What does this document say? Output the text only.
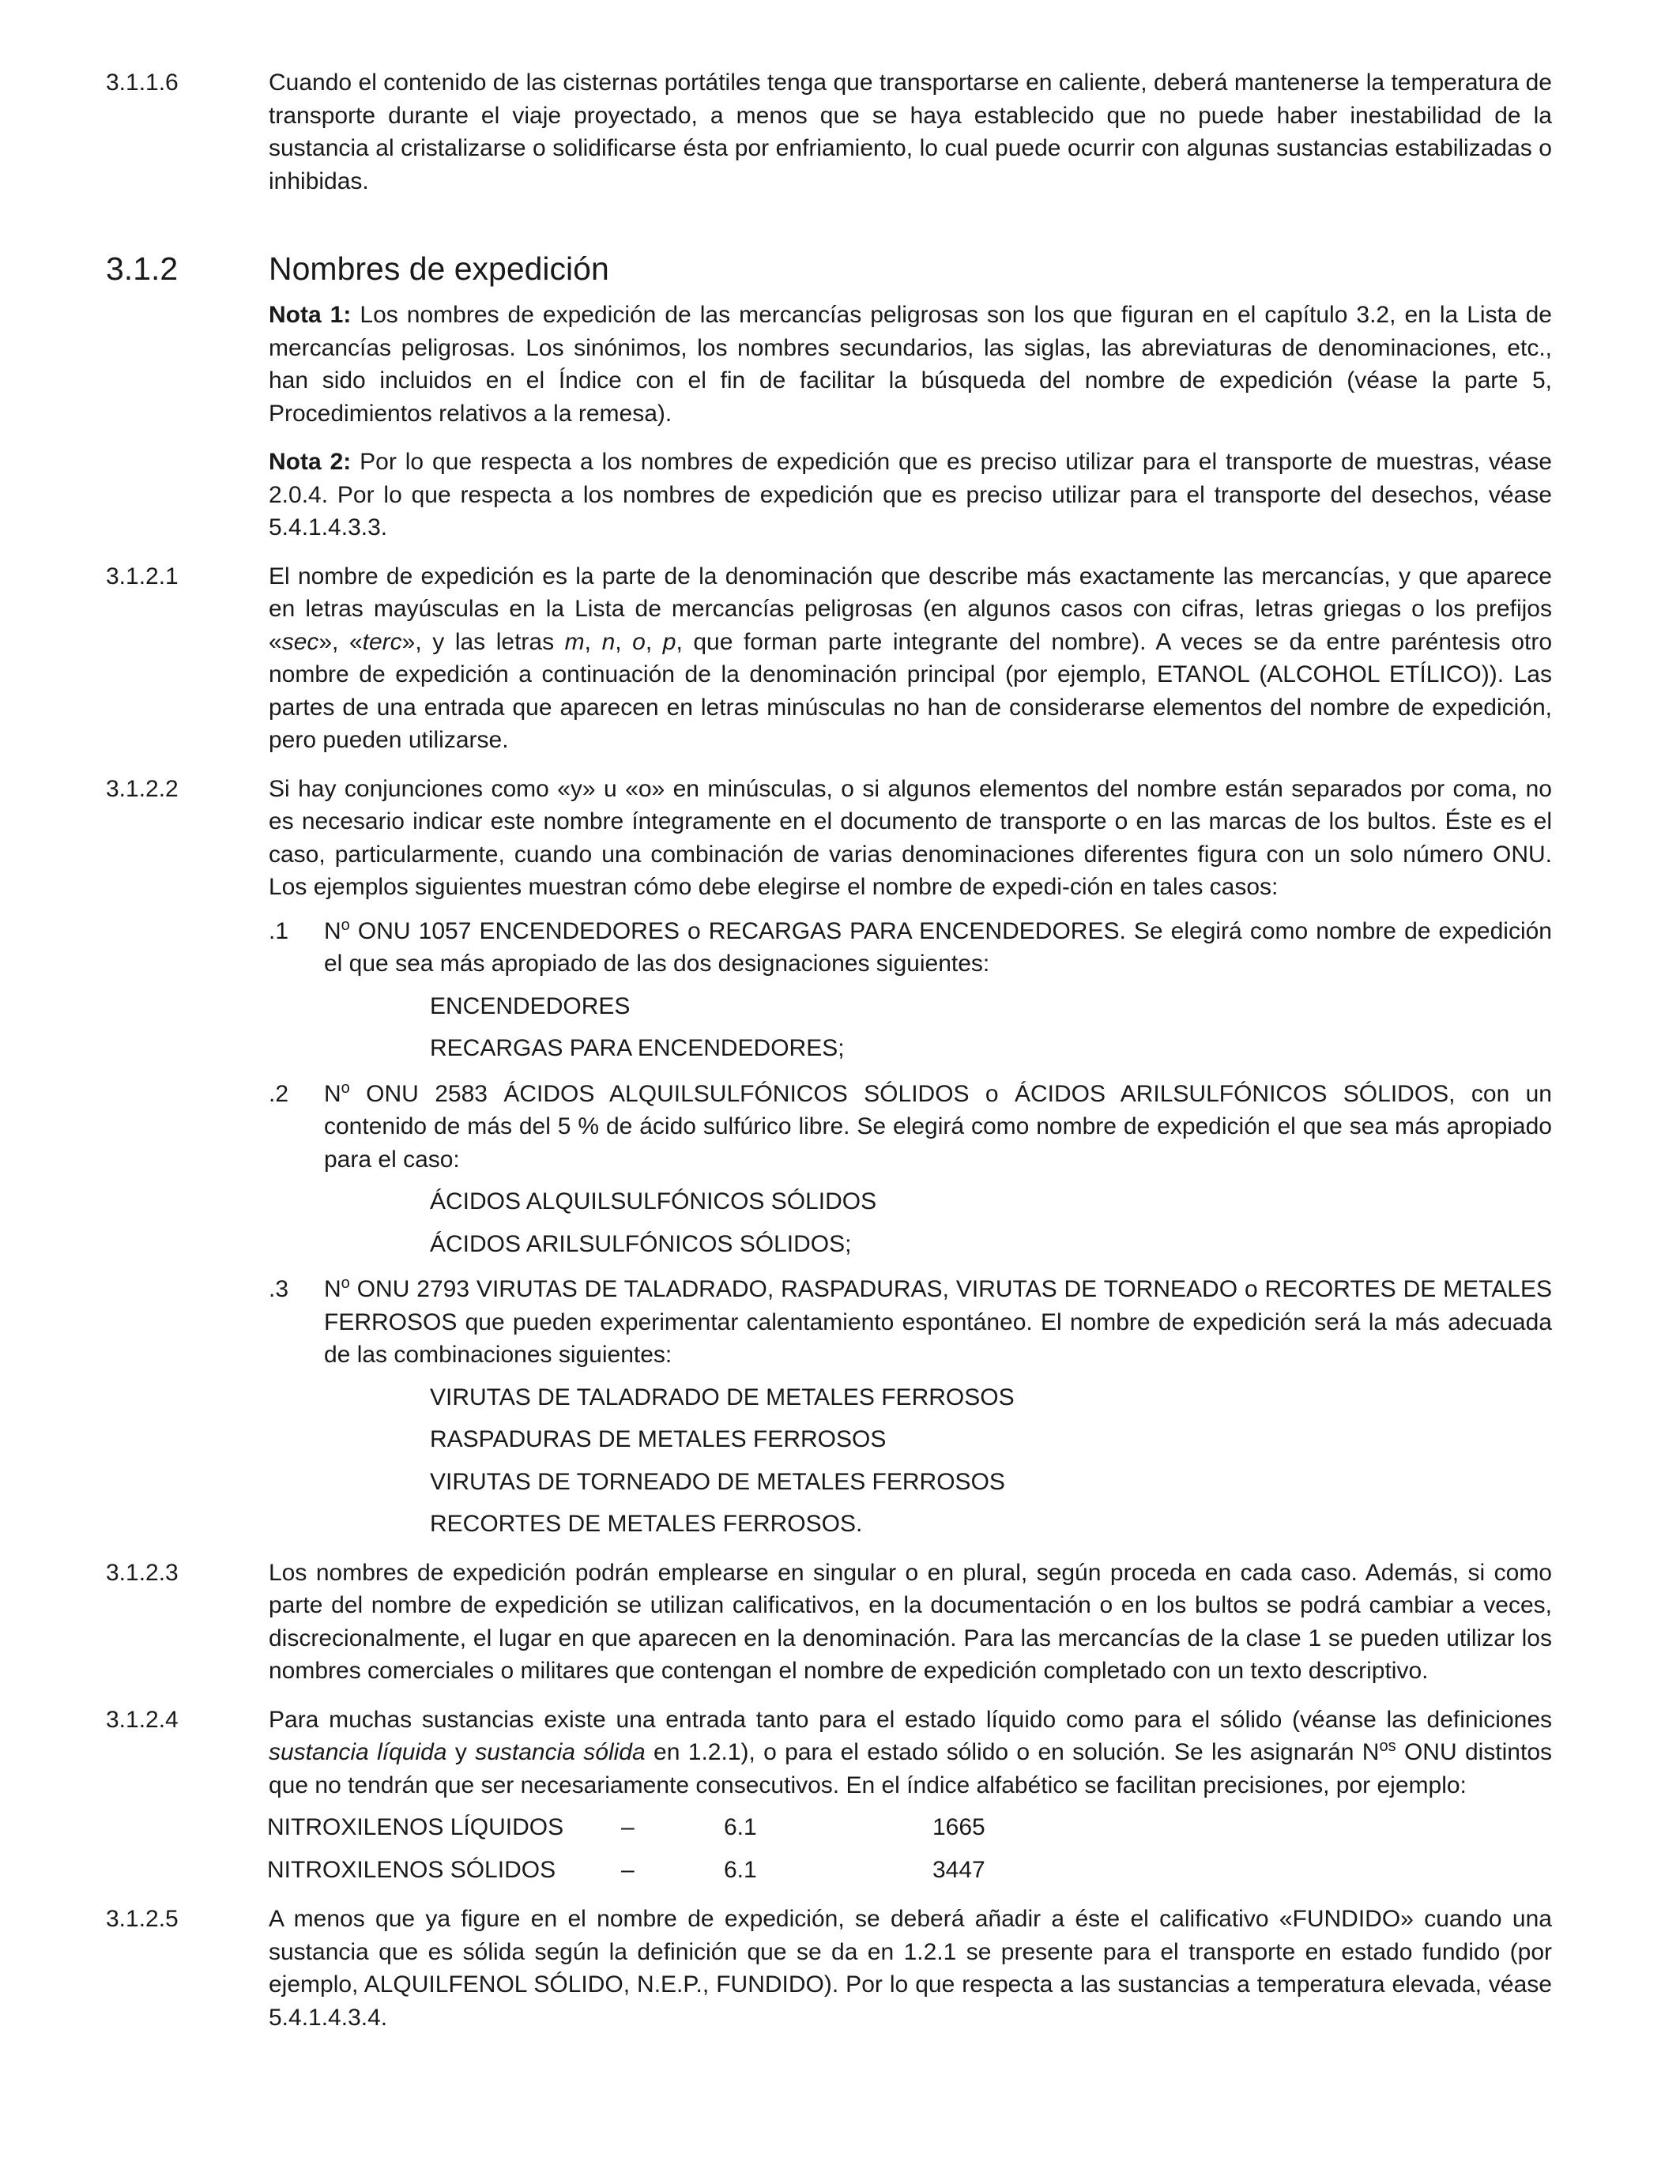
3.1.1.6	Cuando el contenido de las cisternas portátiles tenga que transportarse en caliente, deberá mantenerse la temperatura de transporte durante el viaje proyectado, a menos que se haya establecido que no puede haber inestabilidad de la sustancia al cristalizarse o solidificarse ésta por enfriamiento, lo cual puede ocurrir con algunas sustancias estabilizadas o inhibidas.
3.1.2	Nombres de expedición

Nota 1: Los nombres de expedición de las mercancías peligrosas son los que figuran en el capítulo 3.2, en la Lista de mercancías peligrosas. Los sinónimos, los nombres secundarios, las siglas, las abreviaturas de denominaciones, etc., han sido incluidos en el Índice con el fin de facilitar la búsqueda del nombre de expedición (véase la parte 5, Procedimientos relativos a la remesa).

Nota 2: Por lo que respecta a los nombres de expedición que es preciso utilizar para el transporte de muestras, véase 2.0.4. Por lo que respecta a los nombres de expedición que es preciso utilizar para el transporte del desechos, véase 5.4.1.4.3.3.

3.1.2.1	El nombre de expedición es la parte de la denominación que describe más exactamente las mercancías, y que aparece en letras mayúsculas en la Lista de mercancías peligrosas (en algunos casos con cifras, letras griegas o los prefijos «sec», «terc», y las letras m, n, o, p, que forman parte integrante del nombre). A veces se da entre paréntesis otro nombre de expedición a continuación de la denominación principal (por ejemplo, ETANOL (ALCOHOL ETÍLICO)). Las partes de una entrada que aparecen en letras minúsculas no han de considerarse elementos del nombre de expedición, pero pueden utilizarse.
3.1.2.2	Si hay conjunciones como «y» u «o» en minúsculas, o si algunos elementos del nombre están separados por coma, no es necesario indicar este nombre íntegramente en el documento de transporte o en las marcas de los bultos. Éste es el caso, particularmente, cuando una combinación de varias denominaciones diferentes figura con un solo número ONU. Los ejemplos siguientes muestran cómo debe elegirse el nombre de expedi-ción en tales casos:
.1 $N^o$ ONU 1057 ENCENDEDORES o RECARGAS PARA ENCENDEDORES. Se elegirá como nombre de expedición el que sea más apropiado de las dos designaciones siguientes:
ENCENDEDORES
RECARGAS PARA ENCENDEDORES;
.2 $N^o$ ONU 2583 ÁCIDOS ALQUILSULFÓNICOS SÓLIDOS o ÁCIDOS ARILSULFÓNICOS SÓLIDOS, con un contenido de más del 5 % de ácido sulfúrico libre. Se elegirá como nombre de expedición el que sea más apropiado para el caso:
ÁCIDOS ALQUILSULFÓNICOS SÓLIDOS
ÁCIDOS ARILSULFÓNICOS SÓLIDOS;
.3 $N^o$ ONU 2793 VIRUTAS DE TALADRADO, RASPADURAS, VIRUTAS DE TORNEADO o RECORTES DE METALES FERROSOS que pueden experimentar calentamiento espontáneo. El nombre de expedición será la más adecuada de las combinaciones siguientes:
VIRUTAS DE TALADRADO DE METALES FERROSOS
RASPADURAS DE METALES FERROSOS
VIRUTAS DE TORNEADO DE METALES FERROSOS
RECORTES DE METALES FERROSOS.
3.1.2.3	Los nombres de expedición podrán emplearse en singular o en plural, según proceda en cada caso. Además, si como parte del nombre de expedición se utilizan calificativos, en la documentación o en los bultos se podrá cambiar a veces, discrecionalmente, el lugar en que aparecen en la denominación. Para las mercancías de la clase 1 se pueden utilizar los nombres comerciales o militares que contengan el nombre de expedición completado con un texto descriptivo.
3.1.2.4	Para muchas sustancias existe una entrada tanto para el estado líquido como para el sólido (véanse las definiciones sustancia líquida y sustancia sólida en 1.2.1), o para el estado sólido o en solución. Se les asignarán $N^{os}$ ONU distintos que no tendrán que ser necesariamente consecutivos. En el índice alfabético se facilitan precisiones, por ejemplo:
NITROXILENOS LÍQUIDOS	–	6.1	1665
NITROXILENOS SÓLIDOS	–	6.1	3447
3.1.2.5	A menos que ya figure en el nombre de expedición, se deberá añadir a éste el calificativo «FUNDIDO» cuando una sustancia que es sólida según la definición que se da en 1.2.1 se presente para el transporte en estado fundido (por ejemplo, ALQUILFENOL SÓLIDO, N.E.P., FUNDIDO). Por lo que respecta a las sustancias a temperatura elevada, véase 5.4.1.4.3.4.
